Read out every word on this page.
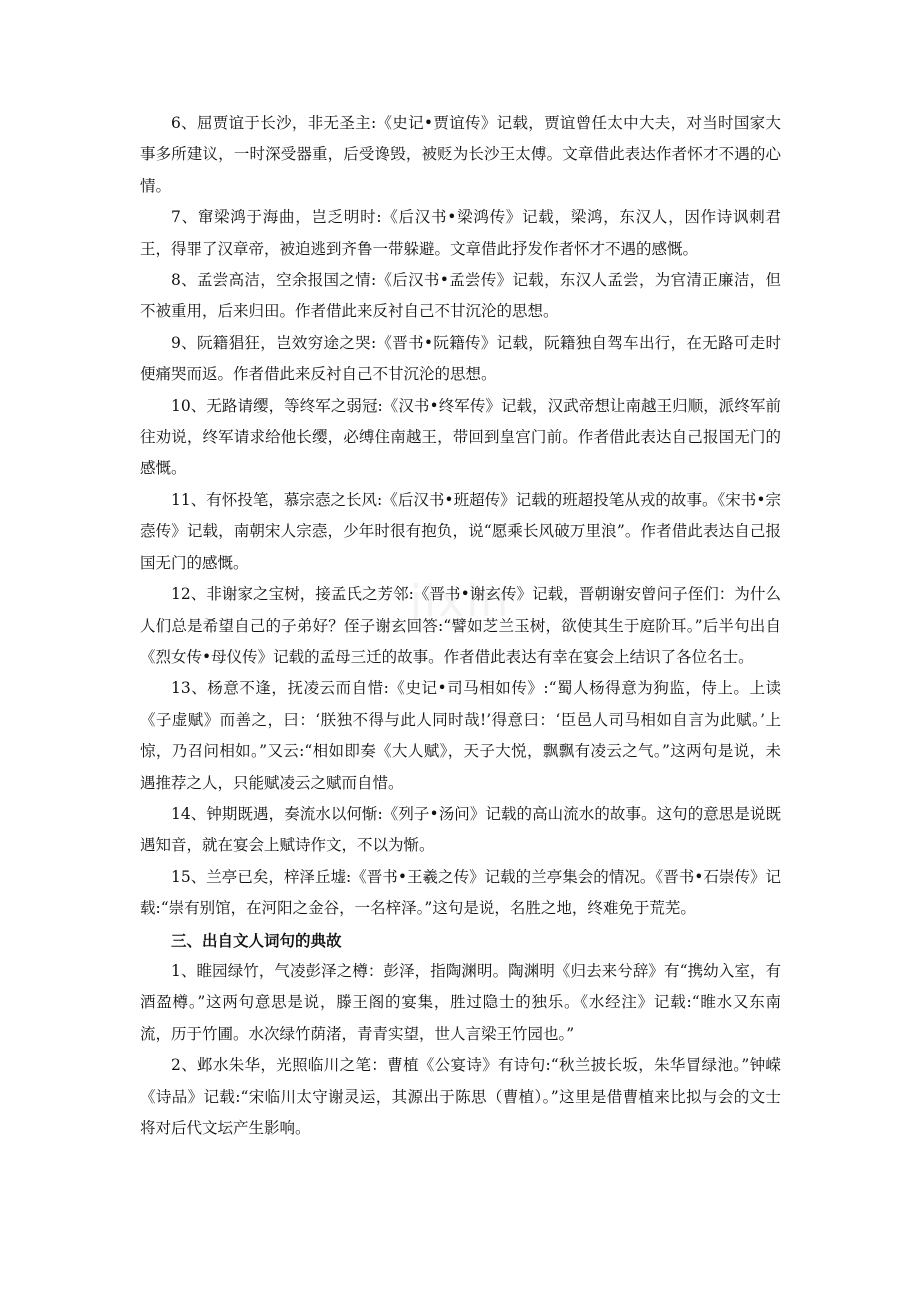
6、屈贾谊于长沙，非无圣主:《史记•贾谊传》记载，贾谊曾任太中大夫，对当时国家大事多所建议，一时深受器重，后受谗毁，被贬为长沙王太傅。文章借此表达作者怀才不遇的心情。

7、窜梁鸿于海曲，岂乏明时:《后汉书•梁鸿传》记载，梁鸿，东汉人，因作诗讽刺君王，得罪了汉章帝，被迫逃到齐鲁一带躲避。文章借此抒发作者怀才不遇的感慨。

8、孟尝高洁，空余报国之情:《后汉书•孟尝传》记载，东汉人孟尝，为官清正廉洁，但不被重用，后来归田。作者借此来反衬自己不甘沉沦的思想。

9、阮籍猖狂，岂效穷途之哭:《晋书•阮籍传》记载，阮籍独自驾车出行，在无路可走时便痛哭而返。作者借此来反衬自己不甘沉沦的思想。

10、无路请缨，等终军之弱冠:《汉书•终军传》记载，汉武帝想让南越王归顺，派终军前往劝说，终军请求给他长缨，必缚住南越王，带回到皇宫门前。作者借此表达自己报国无门的感慨。

11、有怀投笔，慕宗悫之长风:《后汉书•班超传》记载的班超投笔从戎的故事。《宋书•宗悫传》记载，南朝宋人宗悫，少年时很有抱负，说“愿乘长风破万里浪”。作者借此表达自己报国无门的感慨。

12、非谢家之宝树，接孟氏之芳邻:《晋书•谢玄传》记载，晋朝谢安曾问子侄们：为什么人们总是希望自己的子弟好？侄子谢玄回答:“譬如芝兰玉树，欲使其生于庭阶耳。”后半句出自《烈女传•母仪传》记载的孟母三迁的故事。作者借此表达有幸在宴会上结识了各位名士。

13、杨意不逢，抚凌云而自惜:《史记•司马相如传》:“蜀人杨得意为狗监，侍上。上读《子虚赋》而善之，曰：‘朕独不得与此人同时哉!’得意曰：‘臣邑人司马相如自言为此赋。’上惊，乃召问相如。”又云:“相如即奏《大人赋》，天子大悦，飘飘有凌云之气。”这两句是说，未遇推荐之人，只能赋凌云之赋而自惜。

14、钟期既遇，奏流水以何惭:《列子•汤问》记载的高山流水的故事。这句的意思是说既遇知音，就在宴会上赋诗作文，不以为惭。

15、兰亭已矣，梓泽丘墟:《晋书•王羲之传》记载的兰亭集会的情况。《晋书•石崇传》记载:“崇有别馆，在河阳之金谷，一名梓泽。”这句是说，名胜之地，终难免于荒芜。

三、出自文人词句的典故

1、睢园绿竹，气凌彭泽之樽：彭泽，指陶渊明。陶渊明《归去来兮辞》有“携幼入室，有酒盈樽。”这两句意思是说，滕王阁的宴集，胜过隐士的独乐。《水经注》记载:“睢水又东南流，历于竹圃。水次绿竹荫渚，青青实望，世人言梁王竹园也。”

2、邺水朱华，光照临川之笔：曹植《公宴诗》有诗句:“秋兰披长坂，朱华冒绿池。”钟嵘《诗品》记载:“宋临川太守谢灵运，其源出于陈思（曹植）。”这里是借曹植来比拟与会的文士将对后代文坛产生影响。
